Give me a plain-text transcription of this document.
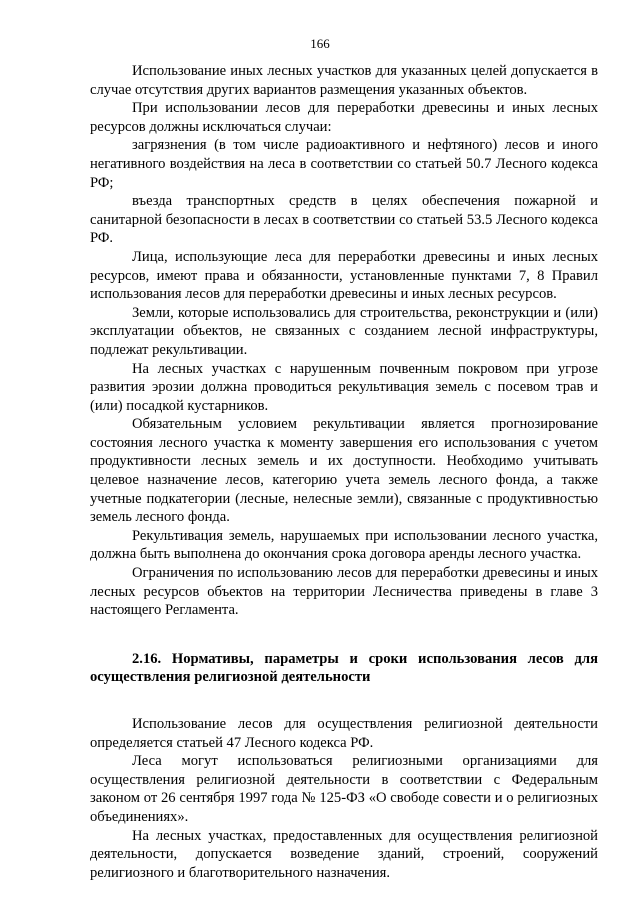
166

Использование иных лесных участков для указанных целей допускается в случае отсутствия других вариантов размещения указанных объектов.

При использовании лесов для переработки древесины и иных лесных ресурсов должны исключаться случаи:

загрязнения (в том числе радиоактивного и нефтяного) лесов и иного негативного воздействия на леса в соответствии со статьей 50.7 Лесного кодекса РФ;

въезда транспортных средств в целях обеспечения пожарной и санитарной безопасности в лесах в соответствии со статьей 53.5 Лесного кодекса РФ.

Лица, использующие леса для переработки древесины и иных лесных ресурсов, имеют права и обязанности, установленные пунктами 7, 8 Правил использования лесов для переработки древесины и иных лесных ресурсов.

Земли, которые использовались для строительства, реконструкции и (или) эксплуатации объектов, не связанных с созданием лесной инфраструктуры, подлежат рекультивации.

На лесных участках с нарушенным почвенным покровом при угрозе развития эрозии должна проводиться рекультивация земель с посевом трав и (или) посадкой кустарников.

Обязательным условием рекультивации является прогнозирование состояния лесного участка к моменту завершения его использования с учетом продуктивности лесных земель и их доступности. Необходимо учитывать целевое назначение лесов, категорию учета земель лесного фонда, а также учетные подкатегории (лесные, нелесные земли), связанные с продуктивностью земель лесного фонда.

Рекультивация земель, нарушаемых при использовании лесного участка, должна быть выполнена до окончания срока договора аренды лесного участка.

Ограничения по использованию лесов для переработки древесины и иных лесных ресурсов объектов на территории Лесничества приведены в главе 3 настоящего Регламента.

2.16. Нормативы, параметры и сроки использования лесов для осуществления религиозной деятельности

Использование лесов для осуществления религиозной деятельности определяется статьей 47 Лесного кодекса РФ.

Леса могут использоваться религиозными организациями для осуществления религиозной деятельности в соответствии с Федеральным законом от 26 сентября 1997 года № 125-ФЗ «О свободе совести и о религиозных объединениях».

На лесных участках, предоставленных для осуществления религиозной деятельности, допускается возведение зданий, строений, сооружений религиозного и благотворительного назначения.
